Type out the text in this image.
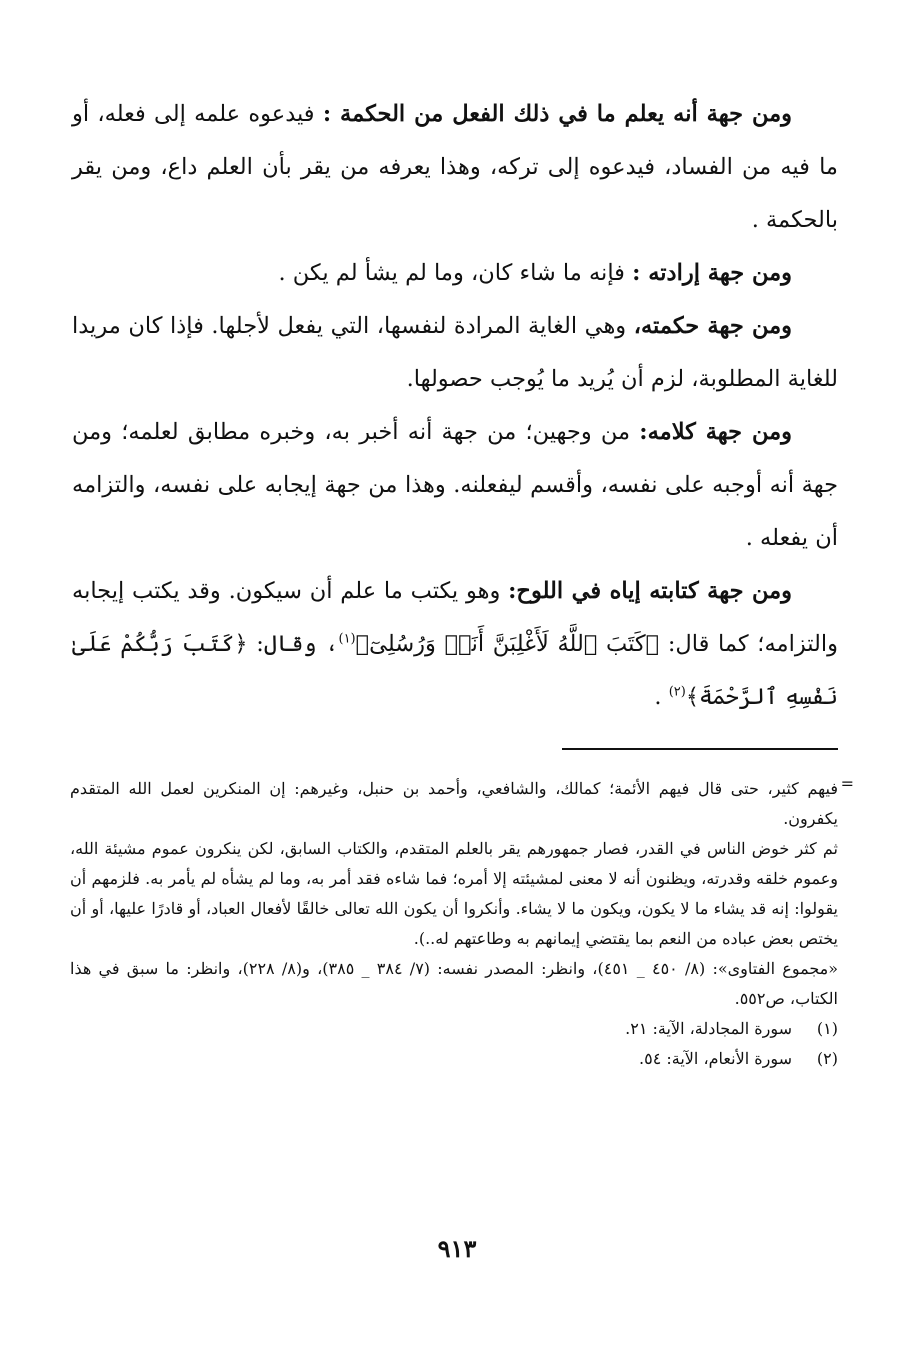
ومن جهة أنه يعلم ما في ذلك الفعل من الحكمة : فيدعوه علمه إلى فعله، أو ما فيه من الفساد، فيدعوه إلى تركه، وهذا يعرفه من يقر بأن العلم داع، ومن يقر بالحكمة .

ومن جهة إرادته : فإنه ما شاء كان، وما لم يشأ لم يكن .

ومن جهة حكمته، وهي الغاية المرادة لنفسها، التي يفعل لأجلها. فإذا كان مريدا للغاية المطلوبة، لزم أن يُريد ما يُوجب حصولها.

ومن جهة كلامه: من وجهين؛ من جهة أنه أخبر به، وخبره مطابق لعلمه؛ ومن جهة أنه أوجبه على نفسه، وأقسم ليفعلنه. وهذا من جهة إيجابه على نفسه، والتزامه أن يفعله .

ومن جهة كتابته إياه في اللوح: وهو يكتب ما علم أن سيكون. وقد يكتب إيجابه والتزامه؛ كما قال: ﴿كَتَبَ ٱللَّهُ لَأَغْلِبَنَّ أَنَا۠ وَرُسُلِىٓ﴾$^{(١)}$، وقال: ﴿كَتَبَ رَبُّكُمْ عَلَىٰ نَفْسِهِ ٱلرَّحْمَةَ﴾$^{(٢)}$ .

=

فيهم كثير، حتى قال فيهم الأئمة؛ كمالك، والشافعي، وأحمد بن حنبل، وغيرهم: إن المنكرين لعمل الله المتقدم يكفرون.

ثم كثر خوض الناس في القدر، فصار جمهورهم يقر بالعلم المتقدم، والكتاب السابق، لكن ينكرون عموم مشيئة الله، وعموم خلقه وقدرته، ويظنون أنه لا معنى لمشيئته إلا أمره؛ فما شاءه فقد أمر به، وما لم يشأه لم يأمر به. فلزمهم أن يقولوا: إنه قد يشاء ما لا يكون، ويكون ما لا يشاء. وأنكروا أن يكون الله تعالى خالقًا لأفعال العباد، أو قادرًا عليها، أو أن يختص بعض عباده من النعم بما يقتضي إيمانهم به وطاعتهم له..).

«مجموع الفتاوى»: (٨/ ٤٥٠ _ ٤٥١)، وانظر: المصدر نفسه: (٧/ ٣٨٤ _ ٣٨٥)، و(٨/ ٢٢٨)، وانظر: ما سبق في هذا الكتاب، ص٥٥٢.

(١)
سورة المجادلة، الآية: ٢١.
(٢)
سورة الأنعام، الآية: ٥٤.
٩١٣
